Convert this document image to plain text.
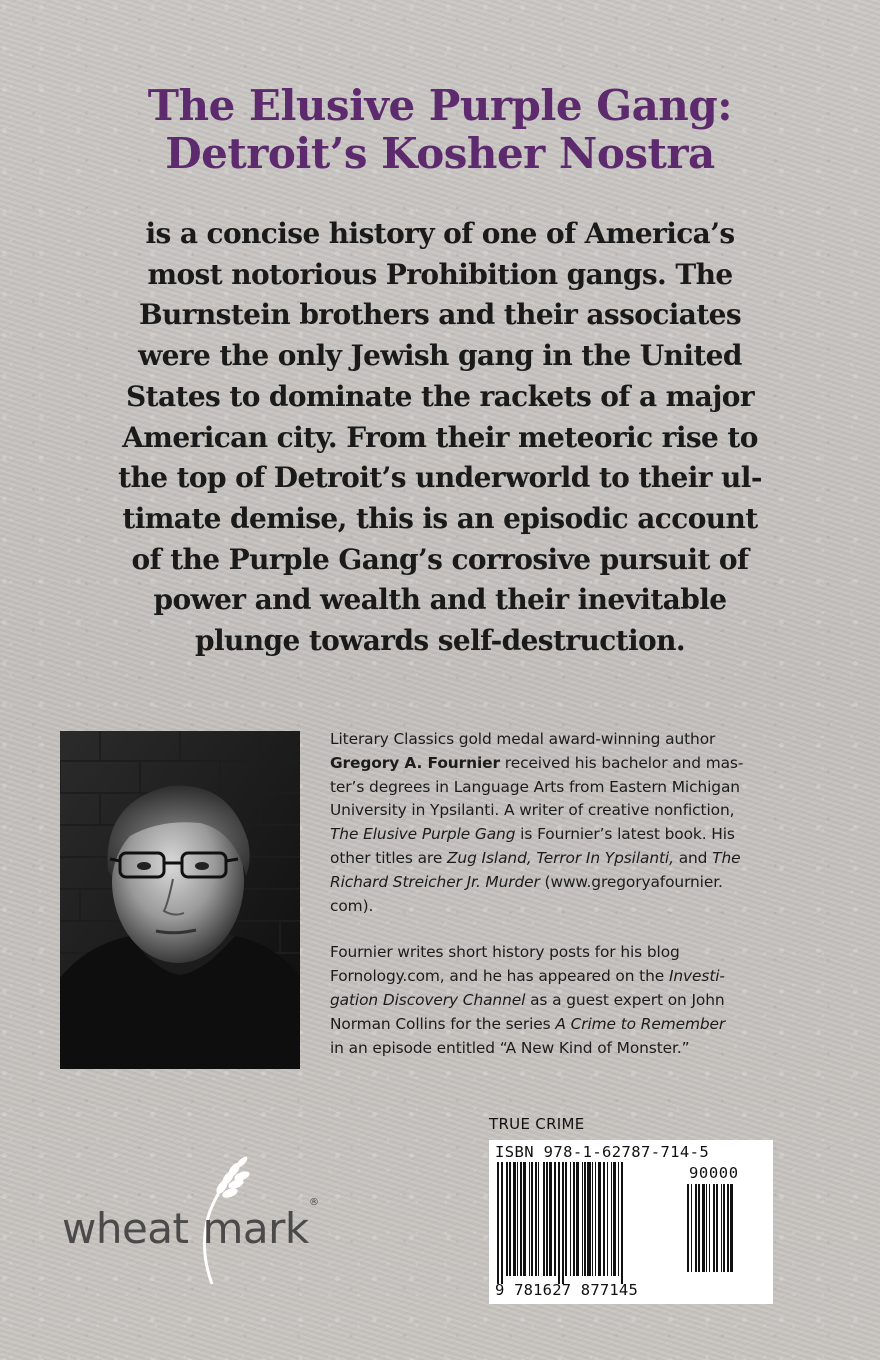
The Elusive Purple Gang:
Detroit’s Kosher Nostra
is a concise history of one of America’s
most notorious Prohibition gangs. The
Burnstein brothers and their associates
were the only Jewish gang in the United
States to dominate the rackets of a major
American city. From their meteoric rise to
the top of Detroit’s underworld to their ul-
timate demise, this is an episodic account
of the Purple Gang’s corrosive pursuit of
power and wealth and their inevitable
plunge towards self-destruction.

Literary Classics gold medal award-winning author
Gregory A. Fournier received his bachelor and mas-
ter’s degrees in Language Arts from Eastern Michigan
University in Ypsilanti. A writer of creative nonfiction,
The Elusive Purple Gang is Fournier’s latest book. His
other titles are Zug Island, Terror In Ypsilanti, and The
Richard Streicher Jr. Murder (www.gregoryafournier.
com).

Fournier writes short history posts for his blog
Fornology.com, and he has appeared on the Investi-
gation Discovery Channel as a guest expert on John
Norman Collins for the series A Crime to Remember
in an episode entitled “A New Kind of Monster.”

TRUE CRIME
ISBN 978-1-62787-714-5
90000
9 781627 877145
wheat mark
®
